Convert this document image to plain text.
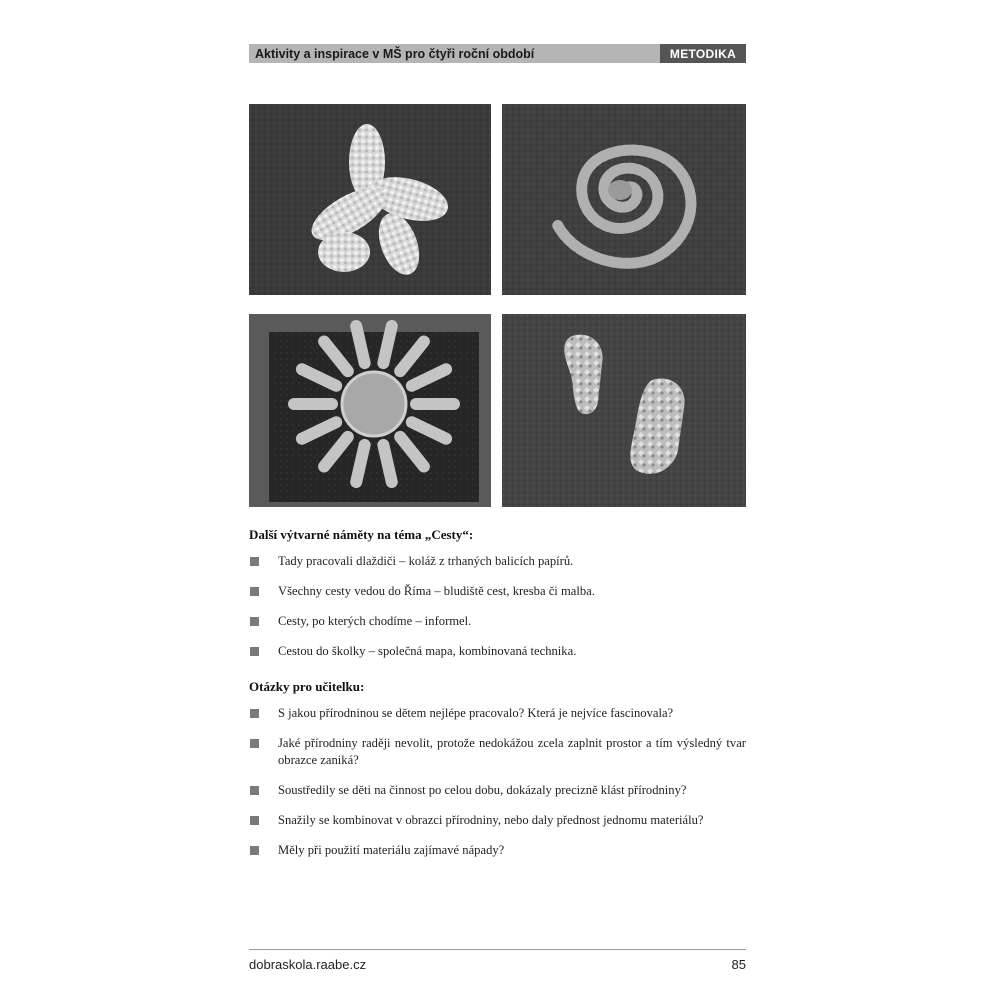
Aktivity a inspirace v MŠ pro čtyři roční období	METODIKA
Další výtvarné náměty na téma „Cesty“:
Tady pracovali dlaždiči – koláž z trhaných balicích papírů.
Všechny cesty vedou do Říma – bludiště cest, kresba či malba.
Cesty, po kterých chodíme – informel.
Cestou do školky – společná mapa, kombinovaná technika.
Otázky pro učitelku:
S jakou přírodninou se dětem nejlépe pracovalo? Která je nejvíce fascinovala?
Jaké přírodniny raději nevolit, protože nedokážou zcela zaplnit prostor a tím výsledný tvar obrazce zaniká?
Soustředily se děti na činnost po celou dobu, dokázaly precizně klást přírodniny?
Snažily se kombinovat v obrazci přírodniny, nebo daly přednost jednomu materiálu?
Měly při použití materiálu zajímavé nápady?
dobraskola.raabe.cz	85
